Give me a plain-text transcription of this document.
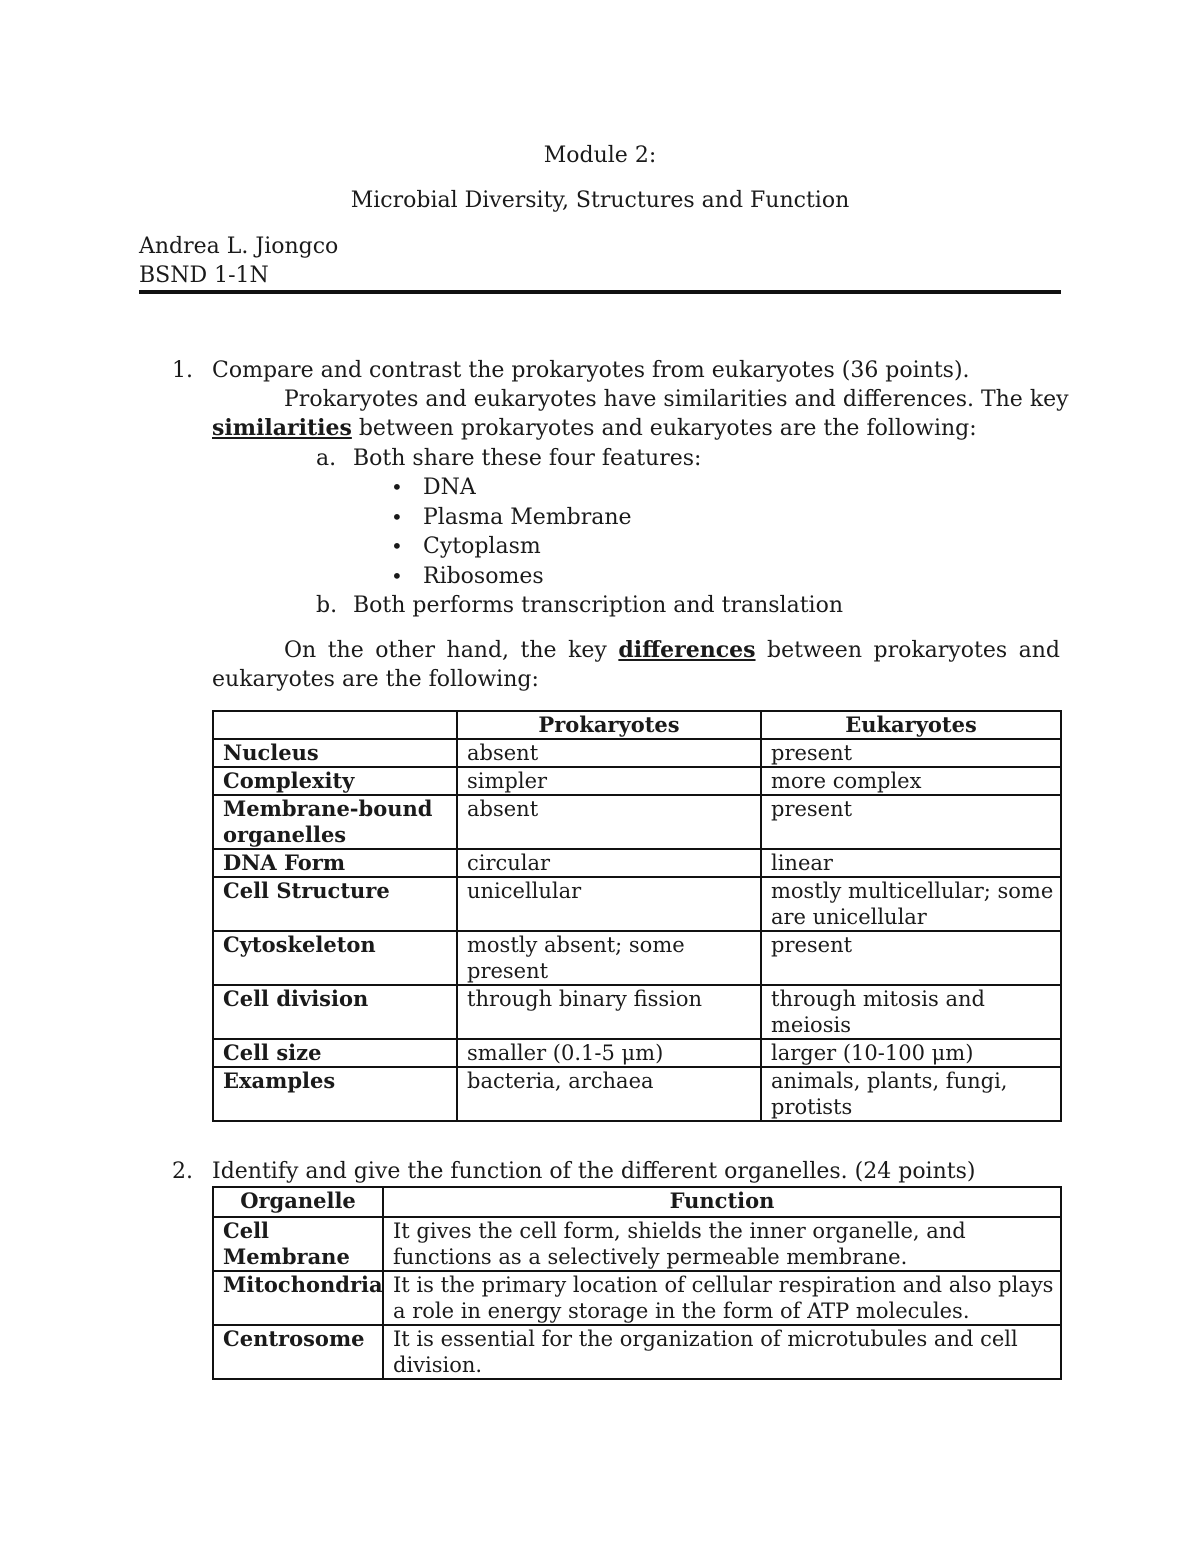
Module 2:
Microbial Diversity, Structures and Function
Andrea L. Jiongco
BSND 1-1N
1. Compare and contrast the prokaryotes from eukaryotes (36 points).
Prokaryotes and eukaryotes have similarities and differences. The key
similarities between prokaryotes and eukaryotes are the following:
a. Both share these four features:
• DNA
• Plasma Membrane
• Cytoplasm
• Ribosomes
b. Both performs transcription and translation
On the other hand, the key differences between prokaryotes and
eukaryotes are the following:
	Prokaryotes	Eukaryotes
Nucleus	absent	present
Complexity	simpler	more complex
Membrane-bound organelles	absent	present
DNA Form	circular	linear
Cell Structure	unicellular	mostly multicellular; some are unicellular
Cytoskeleton	mostly absent; some present	present
Cell division	through binary fission	through mitosis and meiosis
Cell size	smaller (0.1-5 μm)	larger (10-100 μm)
Examples	bacteria, archaea	animals, plants, fungi, protists
2. Identify and give the function of the different organelles. (24 points)
Organelle	Function
Cell Membrane	It gives the cell form, shields the inner organelle, and functions as a selectively permeable membrane.
Mitochondria	It is the primary location of cellular respiration and also plays a role in energy storage in the form of ATP molecules.
Centrosome	It is essential for the organization of microtubules and cell division.
